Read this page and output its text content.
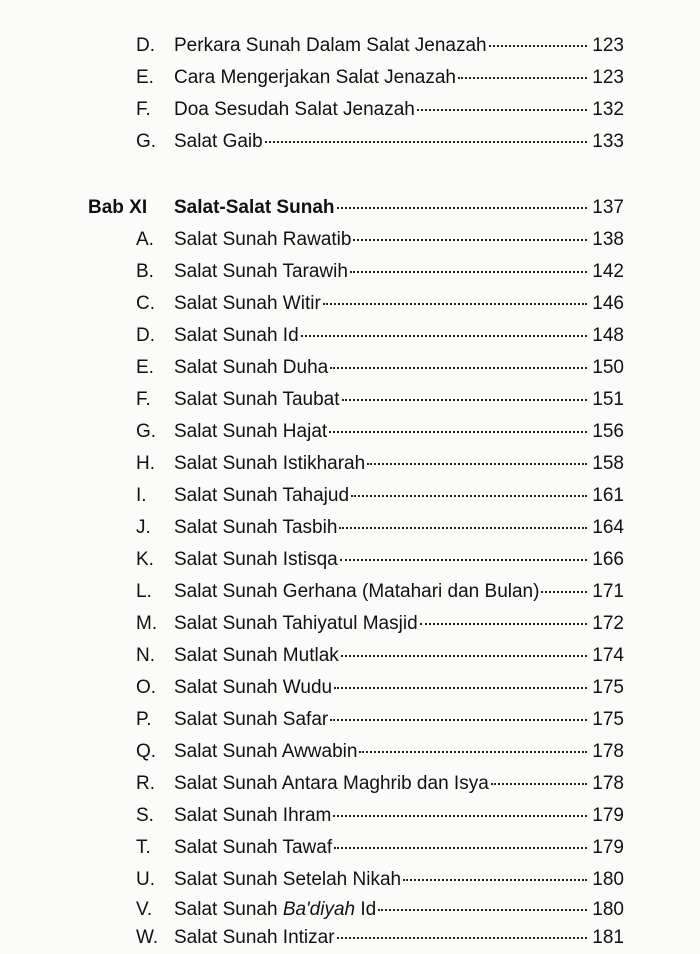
D. Perkara Sunah Dalam Salat Jenazah	123
E. Cara Mengerjakan Salat Jenazah	123
F. Doa Sesudah Salat Jenazah	132
G. Salat Gaib	133
Bab XI Salat-Salat Sunah	137
A. Salat Sunah Rawatib	138
B. Salat Sunah Tarawih	142
C. Salat Sunah Witir	146
D. Salat Sunah Id	148
E. Salat Sunah Duha	150
F. Salat Sunah Taubat	151
G. Salat Sunah Hajat	156
H. Salat Sunah Istikharah	158
I. Salat Sunah Tahajud	161
J. Salat Sunah Tasbih	164
K. Salat Sunah Istisqa	166
L. Salat Sunah Gerhana (Matahari dan Bulan)	171
M. Salat Sunah Tahiyatul Masjid	172
N. Salat Sunah Mutlak	174
O. Salat Sunah Wudu	175
P. Salat Sunah Safar	175
Q. Salat Sunah Awwabin	178
R. Salat Sunah Antara Maghrib dan Isya	178
S. Salat Sunah Ihram	179
T. Salat Sunah Tawaf	179
U. Salat Sunah Setelah Nikah	180
V. Salat Sunah Ba'diyah Id	180
W. Salat Sunah Intizar	181
